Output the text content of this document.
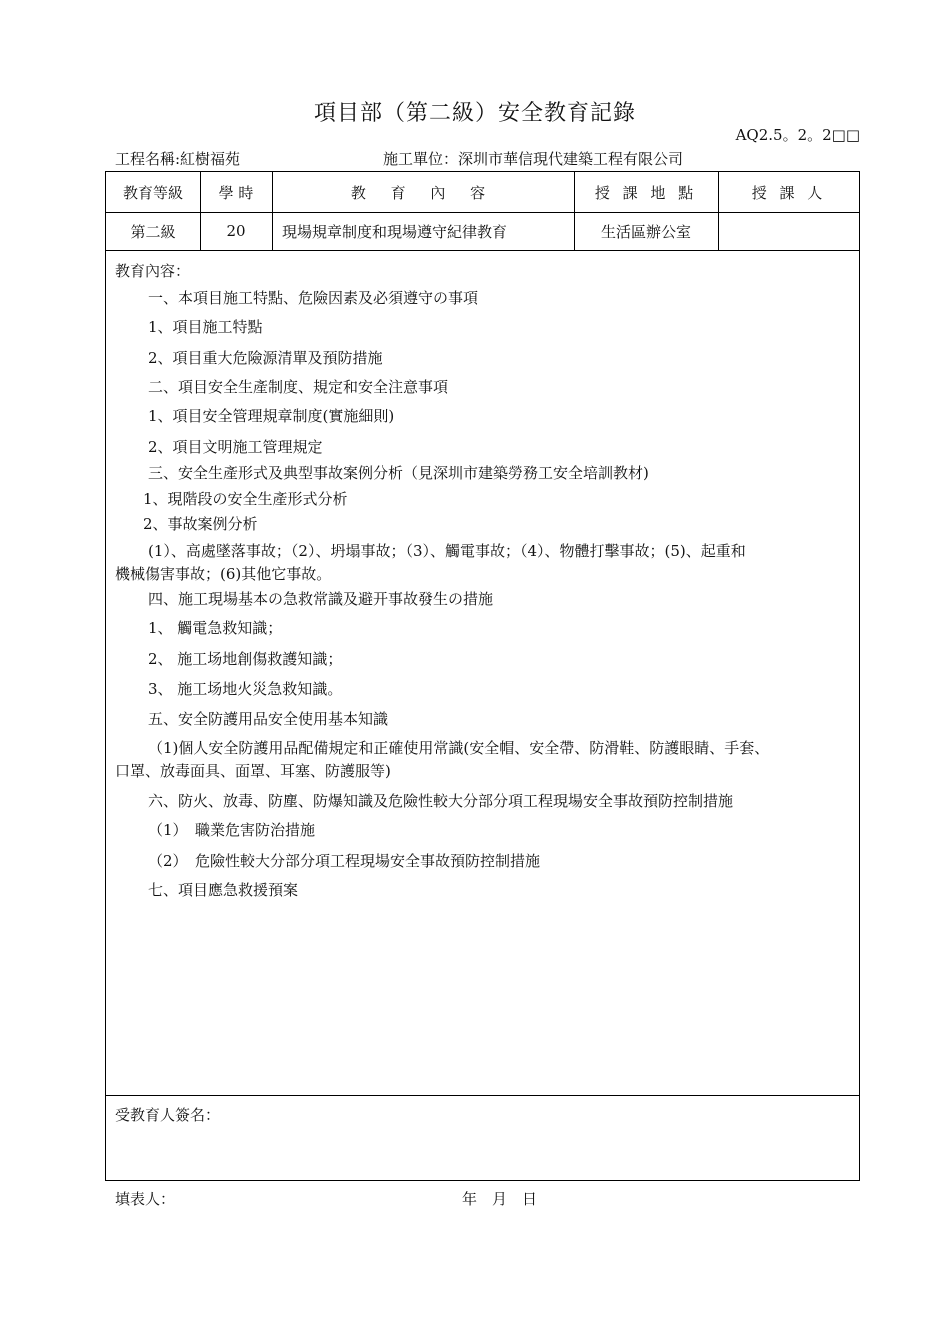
項目部（第二級）安全教育記錄
AQ2.5。2。2□□
工程名稱:紅樹福苑	施工單位：深圳市華信現代建築工程有限公司
教育等級	學 時	教 育 內 容	授 課 地 點	授 課 人
第二級	20	現場規章制度和現場遵守紀律教育	生活區辦公室
教育內容：
一、本項目施工特點、危險因素及必須遵守の事項
1、項目施工特點
2、項目重大危險源清單及預防措施
二、項目安全生產制度、規定和安全注意事項
1、項目安全管理規章制度(實施細則)
2、項目文明施工管理規定
三、安全生產形式及典型事故案例分析（見深圳市建築勞務工安全培訓教材)
1、現階段の安全生產形式分析
2、事故案例分析
(1）、高處墜落事故；（2）、坍塌事故；（3）、觸電事故；（4）、物體打擊事故；(5)、起重和
機械傷害事故；(6)其他它事故。
四、施工現場基本の急救常識及避开事故發生の措施
1、 觸電急救知識；
2、 施工场地創傷救護知識；
3、 施工场地火災急救知識。
五、安全防護用品安全使用基本知識
（1)個人安全防護用品配備規定和正確使用常識(安全帽、安全帶、防滑鞋、防護眼睛、手套、
口罩、放毒面具、面罩、耳塞、防護服等)
六、防火、放毒、防塵、防爆知識及危險性較大分部分項工程現場安全事故預防控制措施
（1）　職業危害防治措施
（2）　危險性較大分部分項工程現場安全事故預防控制措施
七、項目應急救援預案
受教育人簽名：
填表人：	年　月　日
